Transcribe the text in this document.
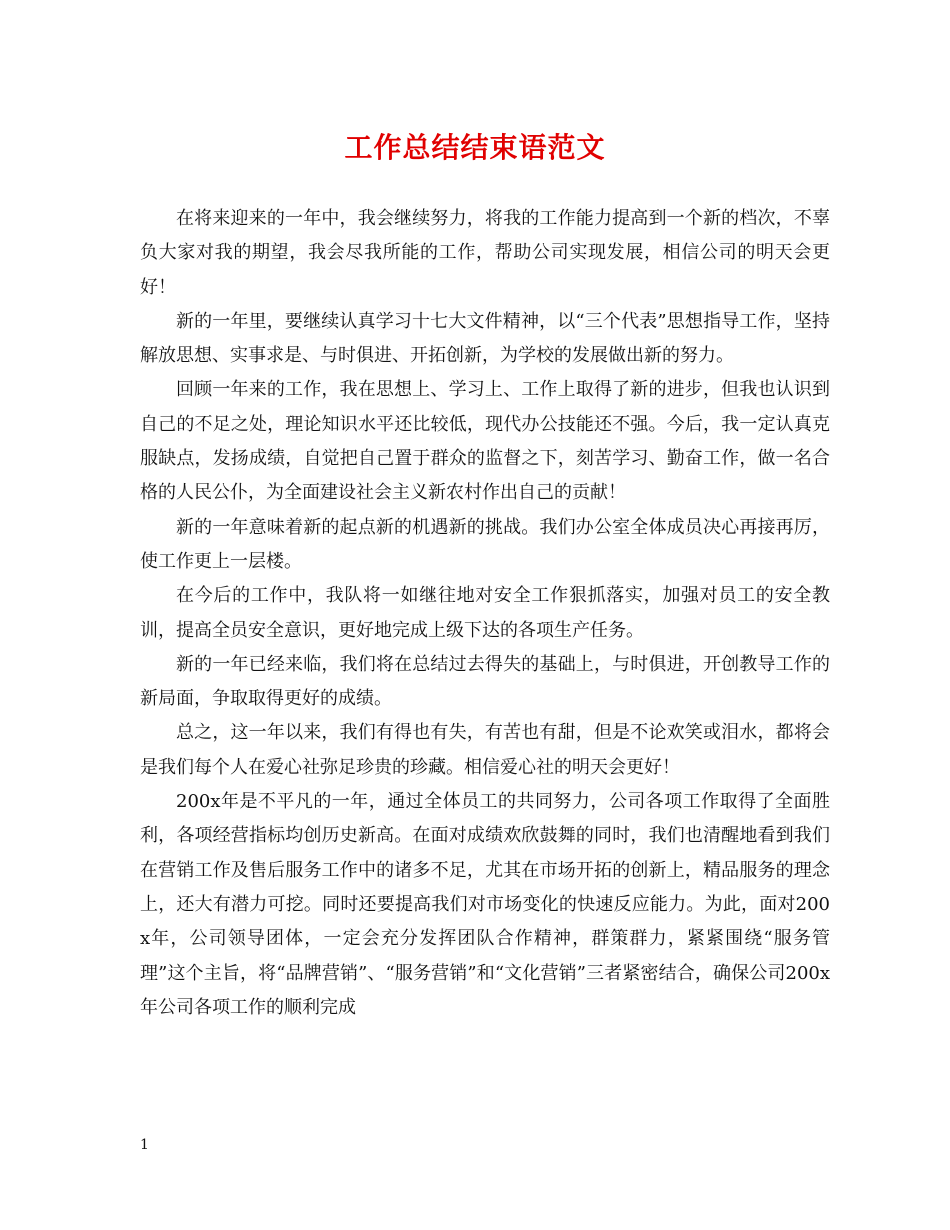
工作总结结束语范文

在将来迎来的一年中，我会继续努力，将我的工作能力提高到一个新的档次，不辜负大家对我的期望，我会尽我所能的工作，帮助公司实现发展，相信公司的明天会更好！

新的一年里，要继续认真学习十七大文件精神，以“三个代表”思想指导工作，坚持解放思想、实事求是、与时俱进、开拓创新，为学校的发展做出新的努力。

回顾一年来的工作，我在思想上、学习上、工作上取得了新的进步，但我也认识到自己的不足之处，理论知识水平还比较低，现代办公技能还不强。今后，我一定认真克服缺点，发扬成绩，自觉把自己置于群众的监督之下，刻苦学习、勤奋工作，做一名合格的人民公仆，为全面建设社会主义新农村作出自己的贡献！

新的一年意味着新的起点新的机遇新的挑战。我们办公室全体成员决心再接再厉，使工作更上一层楼。

在今后的工作中，我队将一如继往地对安全工作狠抓落实，加强对员工的安全教训，提高全员安全意识，更好地完成上级下达的各项生产任务。

新的一年已经来临，我们将在总结过去得失的基础上，与时俱进，开创教导工作的新局面，争取取得更好的成绩。

总之，这一年以来，我们有得也有失，有苦也有甜，但是不论欢笑或泪水，都将会是我们每个人在爱心社弥足珍贵的珍藏。相信爱心社的明天会更好！

200x年是不平凡的一年，通过全体员工的共同努力，公司各项工作取得了全面胜利，各项经营指标均创历史新高。在面对成绩欢欣鼓舞的同时，我们也清醒地看到我们在营销工作及售后服务工作中的诸多不足，尤其在市场开拓的创新上，精品服务的理念上，还大有潜力可挖。同时还要提高我们对市场变化的快速反应能力。为此，面对200x年，公司领导团体，一定会充分发挥团队合作精神，群策群力，紧紧围绕“服务管理”这个主旨，将“品牌营销”、“服务营销”和“文化营销”三者紧密结合，确保公司200x年公司各项工作的顺利完成

1
